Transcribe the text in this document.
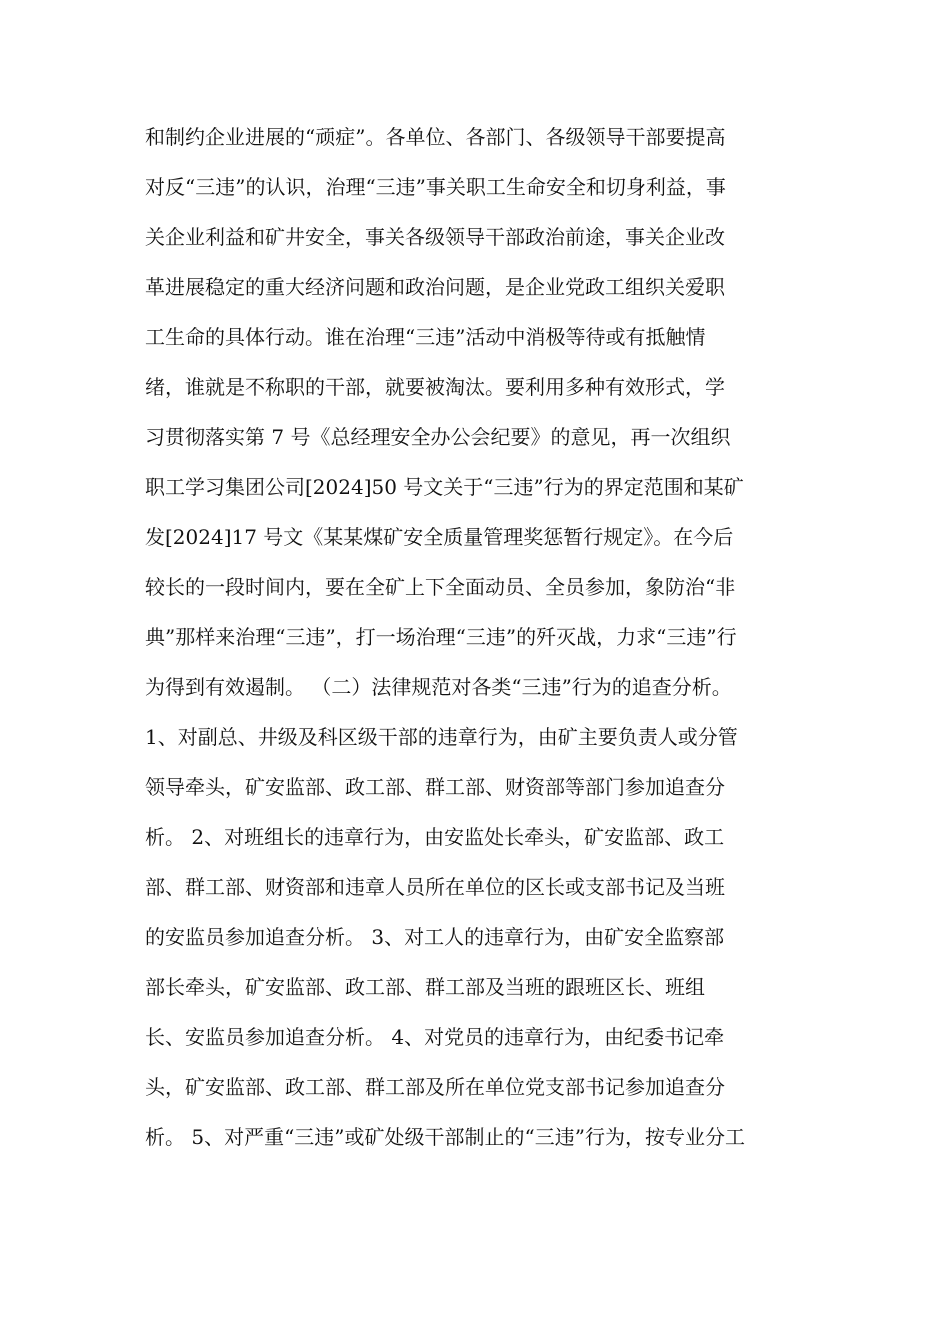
和制约企业进展的“顽症”。各单位、各部门、各级领导干部要提高
对反“三违”的认识，治理“三违”事关职工生命安全和切身利益，事
关企业利益和矿井安全，事关各级领导干部政治前途，事关企业改
革进展稳定的重大经济问题和政治问题，是企业党政工组织关爱职
工生命的具体行动。谁在治理“三违”活动中消极等待或有抵触情
绪，谁就是不称职的干部，就要被淘汰。要利用多种有效形式，学
习贯彻落实第 7 号《总经理安全办公会纪要》的意见，再一次组织
职工学习集团公司[2024]50 号文关于“三违”行为的界定范围和某矿
发[2024]17 号文《某某煤矿安全质量管理奖惩暂行规定》。在今后
较长的一段时间内，要在全矿上下全面动员、全员参加，象防治“非
典”那样来治理“三违”，打一场治理“三违”的歼灭战，力求“三违”行
为得到有效遏制。 （二）法律规范对各类“三违”行为的追查分析。
1、对副总、井级及科区级干部的违章行为，由矿主要负责人或分管
领导牵头，矿安监部、政工部、群工部、财资部等部门参加追查分
析。 2、对班组长的违章行为，由安监处长牵头，矿安监部、政工
部、群工部、财资部和违章人员所在单位的区长或支部书记及当班
的安监员参加追查分析。 3、对工人的违章行为，由矿安全监察部
部长牵头，矿安监部、政工部、群工部及当班的跟班区长、班组
长、安监员参加追查分析。 4、对党员的违章行为，由纪委书记牵
头，矿安监部、政工部、群工部及所在单位党支部书记参加追查分
析。 5、对严重“三违”或矿处级干部制止的“三违”行为，按专业分工
